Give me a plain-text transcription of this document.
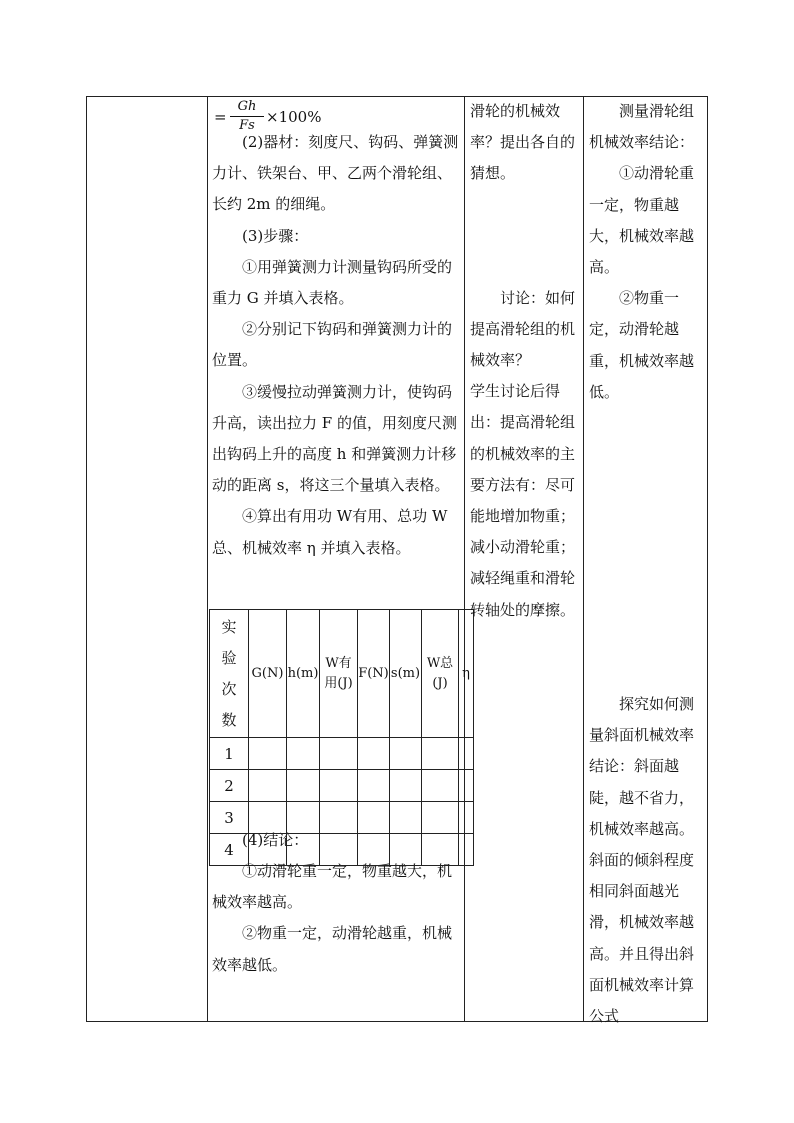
=
Gh
Fs ×100%

(2)器材：刻度尺、钩码、弹簧测力计、铁架台、甲、乙两个滑轮组、长约 2m 的细绳。

(3)步骤：

①用弹簧测力计测量钩码所受的重力 G 并填入表格。

②分别记下钩码和弹簧测力计的位置。

③缓慢拉动弹簧测力计，使钩码升高，读出拉力 F 的值，用刻度尺测出钩码上升的高度 h 和弹簧测力计移动的距离 s，将这三个量填入表格。

④算出有用功 W有用、总功 W总、机械效率 η 并填入表格。

(4)结论：

①动滑轮重一定，物重越大，机械效率越高。

②物重一定，动滑轮越重，机械效率越低。

实
验
次
数	G(N)	h(m)	W有用(J)	F(N)	s(m)	W总(J)	η
1							
2							
3							
4							

滑轮的机械效率？提出各自的猜想。

讨论：如何提高滑轮组的机械效率？

学生讨论后得出：提高滑轮组的机械效率的主要方法有：尽可能地增加物重；减小动滑轮重；减轻绳重和滑轮转轴处的摩擦。

测量滑轮组机械效率结论：

①动滑轮重一定，物重越大，机械效率越高。

②物重一定，动滑轮越重，机械效率越低。

探究如何测量斜面机械效率结论：斜面越陡，越不省力，机械效率越高。斜面的倾斜程度相同斜面越光滑，机械效率越高。并且得出斜面机械效率计算公式
